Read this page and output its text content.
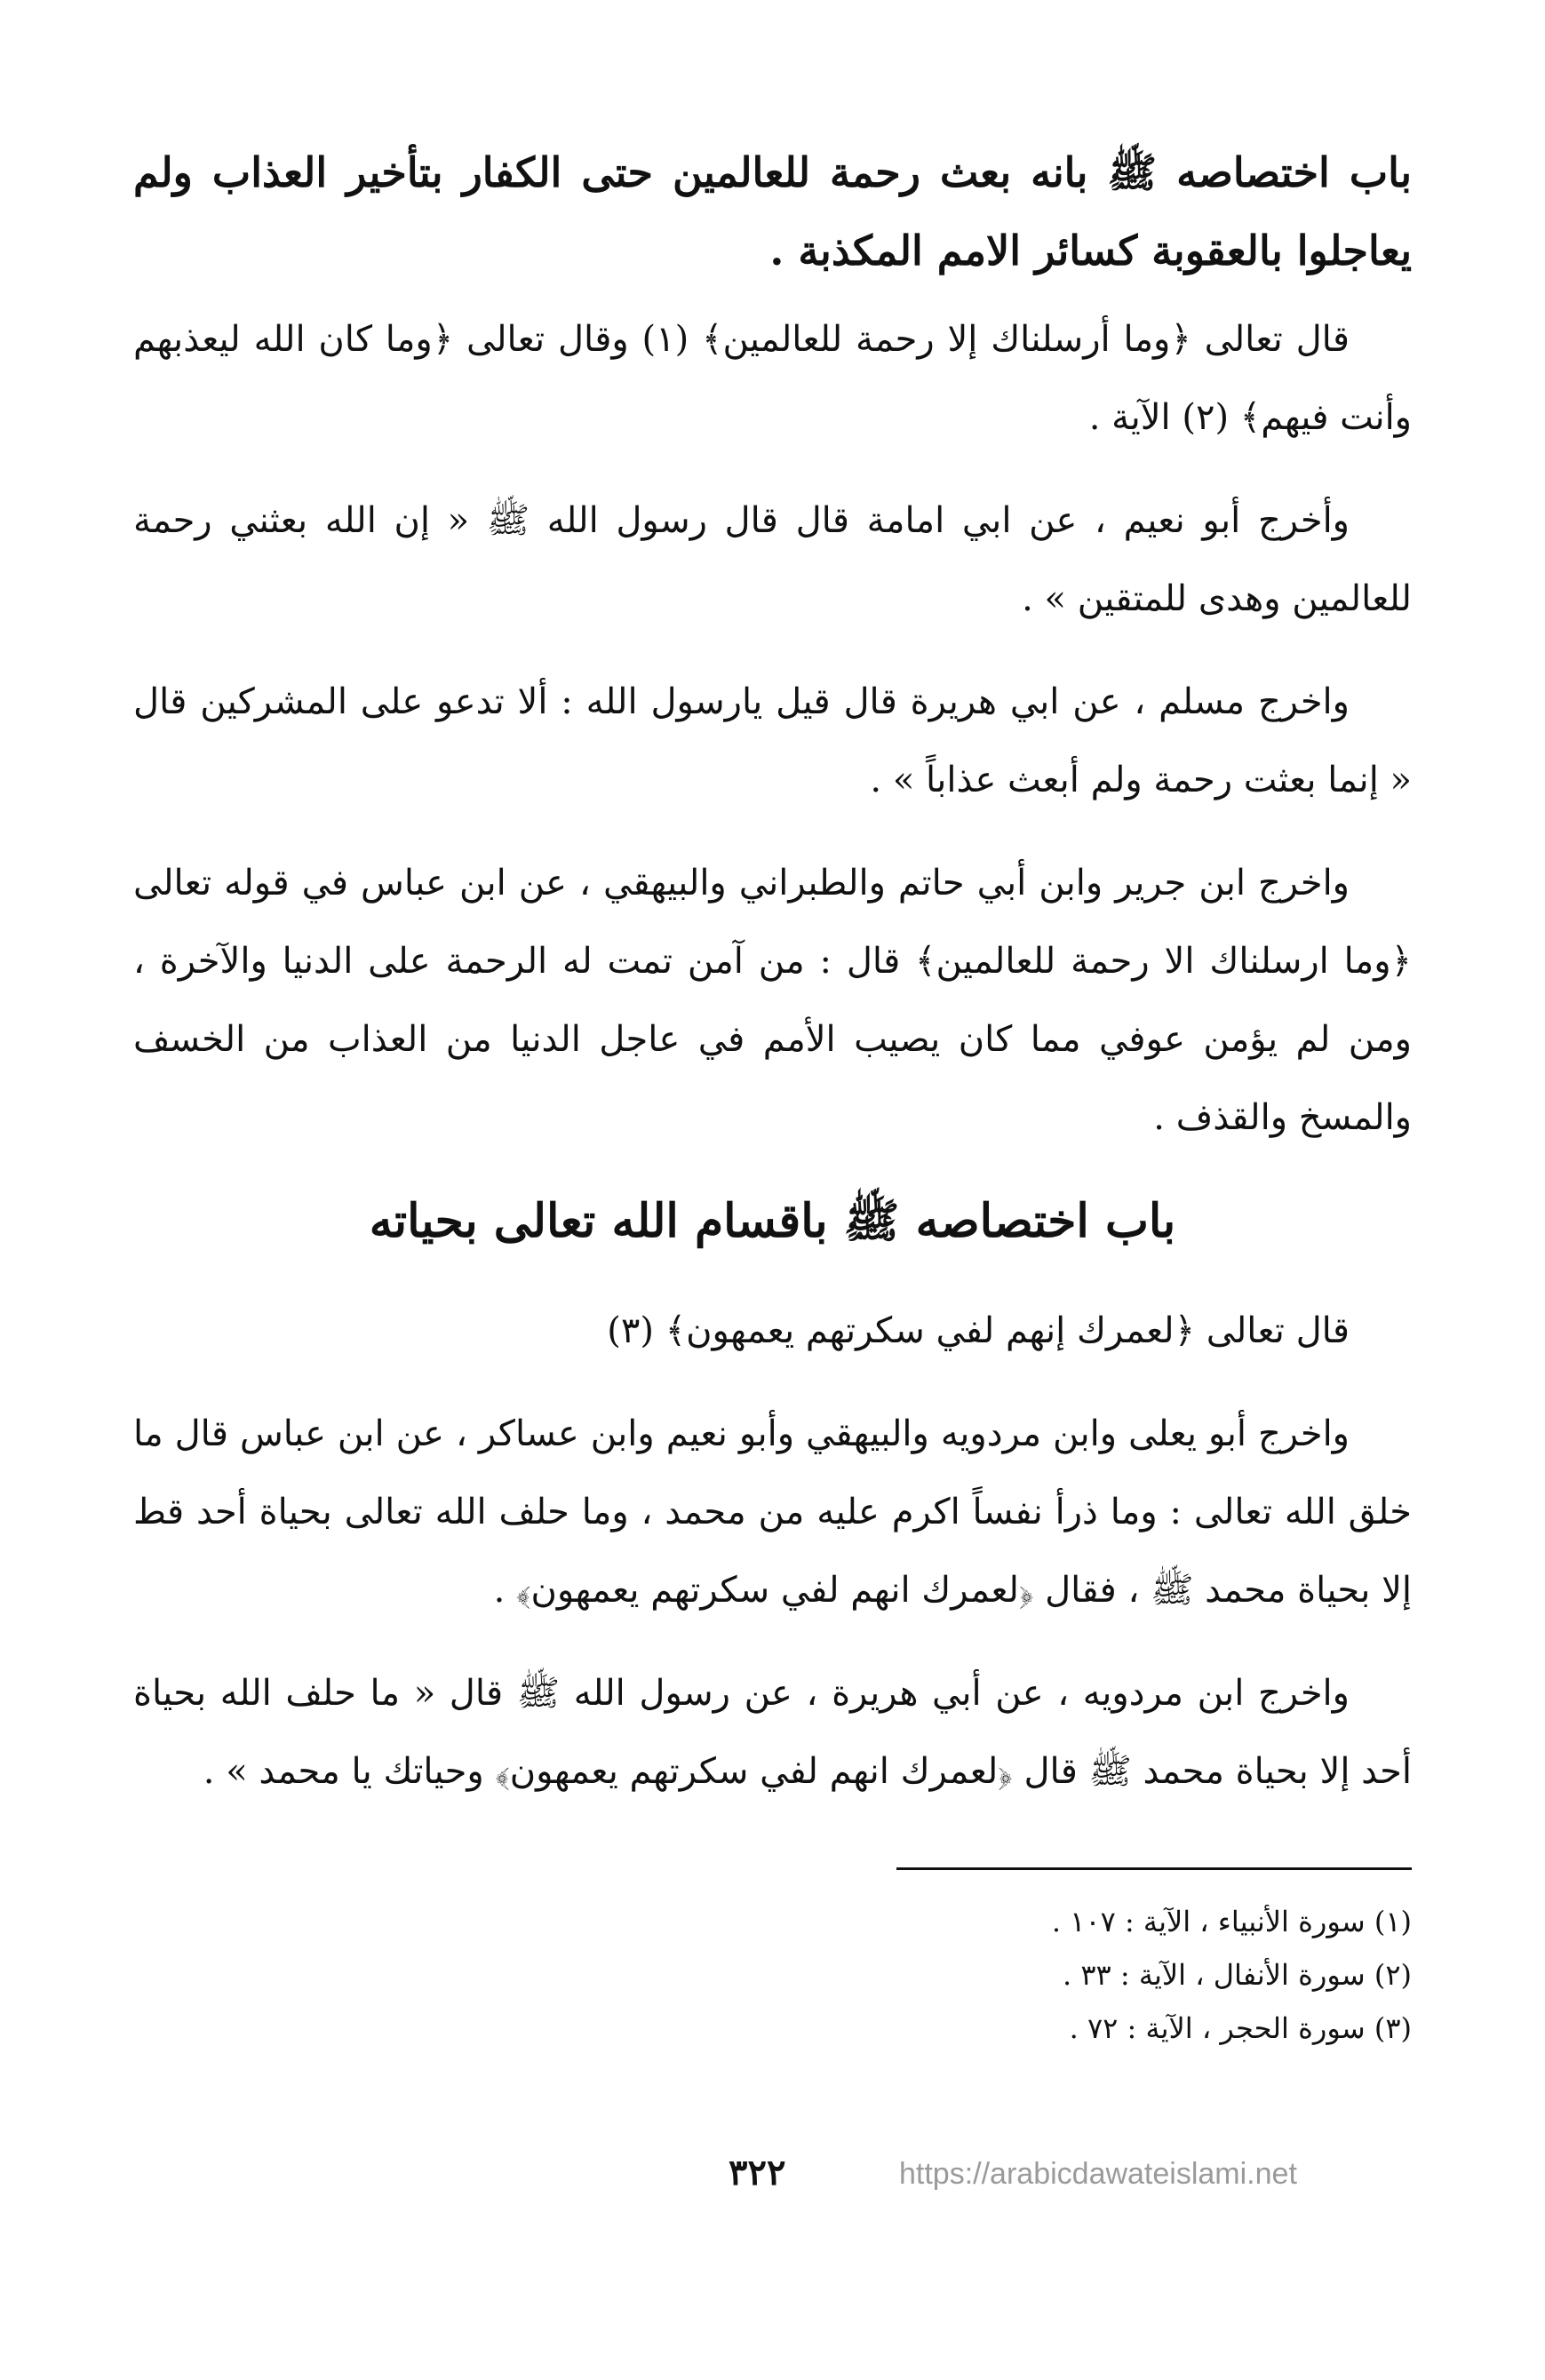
باب اختصاصه ﷺ بانه بعث رحمة للعالمين حتى الكفار بتأخير العذاب ولم يعاجلوا بالعقوبة كسائر الامم المكذبة .

قال تعالى ﴿وما أرسلناك إلا رحمة للعالمين﴾ (١) وقال تعالى ﴿وما كان الله ليعذبهم وأنت فيهم﴾ (٢) الآية .

وأخرج أبو نعيم ، عن ابي امامة قال قال رسول الله ﷺ « إن الله بعثني رحمة للعالمين وهدى للمتقين » .

واخرج مسلم ، عن ابي هريرة قال قيل يارسول الله : ألا تدعو على المشركين قال « إنما بعثت رحمة ولم أبعث عذاباً » .

واخرج ابن جرير وابن أبي حاتم والطبراني والبيهقي ، عن ابن عباس في قوله تعالى ﴿وما ارسلناك الا رحمة للعالمين﴾ قال : من آمن تمت له الرحمة على الدنيا والآخرة ، ومن لم يؤمن عوفي مما كان يصيب الأمم في عاجل الدنيا من العذاب من الخسف والمسخ والقذف .

باب اختصاصه ﷺ باقسام الله تعالى بحياته

قال تعالى ﴿لعمرك إنهم لفي سكرتهم يعمهون﴾ (٣)

واخرج أبو يعلى وابن مردويه والبيهقي وأبو نعيم وابن عساكر ، عن ابن عباس قال ما خلق الله تعالى : وما ذرأ نفساً اكرم عليه من محمد ، وما حلف الله تعالى بحياة أحد قط إلا بحياة محمد ﷺ ، فقال ﴿لعمرك انهم لفي سكرتهم يعمهون﴾ .

واخرج ابن مردويه ، عن أبي هريرة ، عن رسول الله ﷺ قال « ما حلف الله بحياة أحد إلا بحياة محمد ﷺ قال ﴿لعمرك انهم لفي سكرتهم يعمهون﴾ وحياتك يا محمد » .

(١) سورة الأنبياء ، الآية : ١٠٧ .

(٢) سورة الأنفال ، الآية : ٣٣ .

(٣) سورة الحجر ، الآية : ٧٢ .

٣٢٢	https://arabicdawateislami.net
